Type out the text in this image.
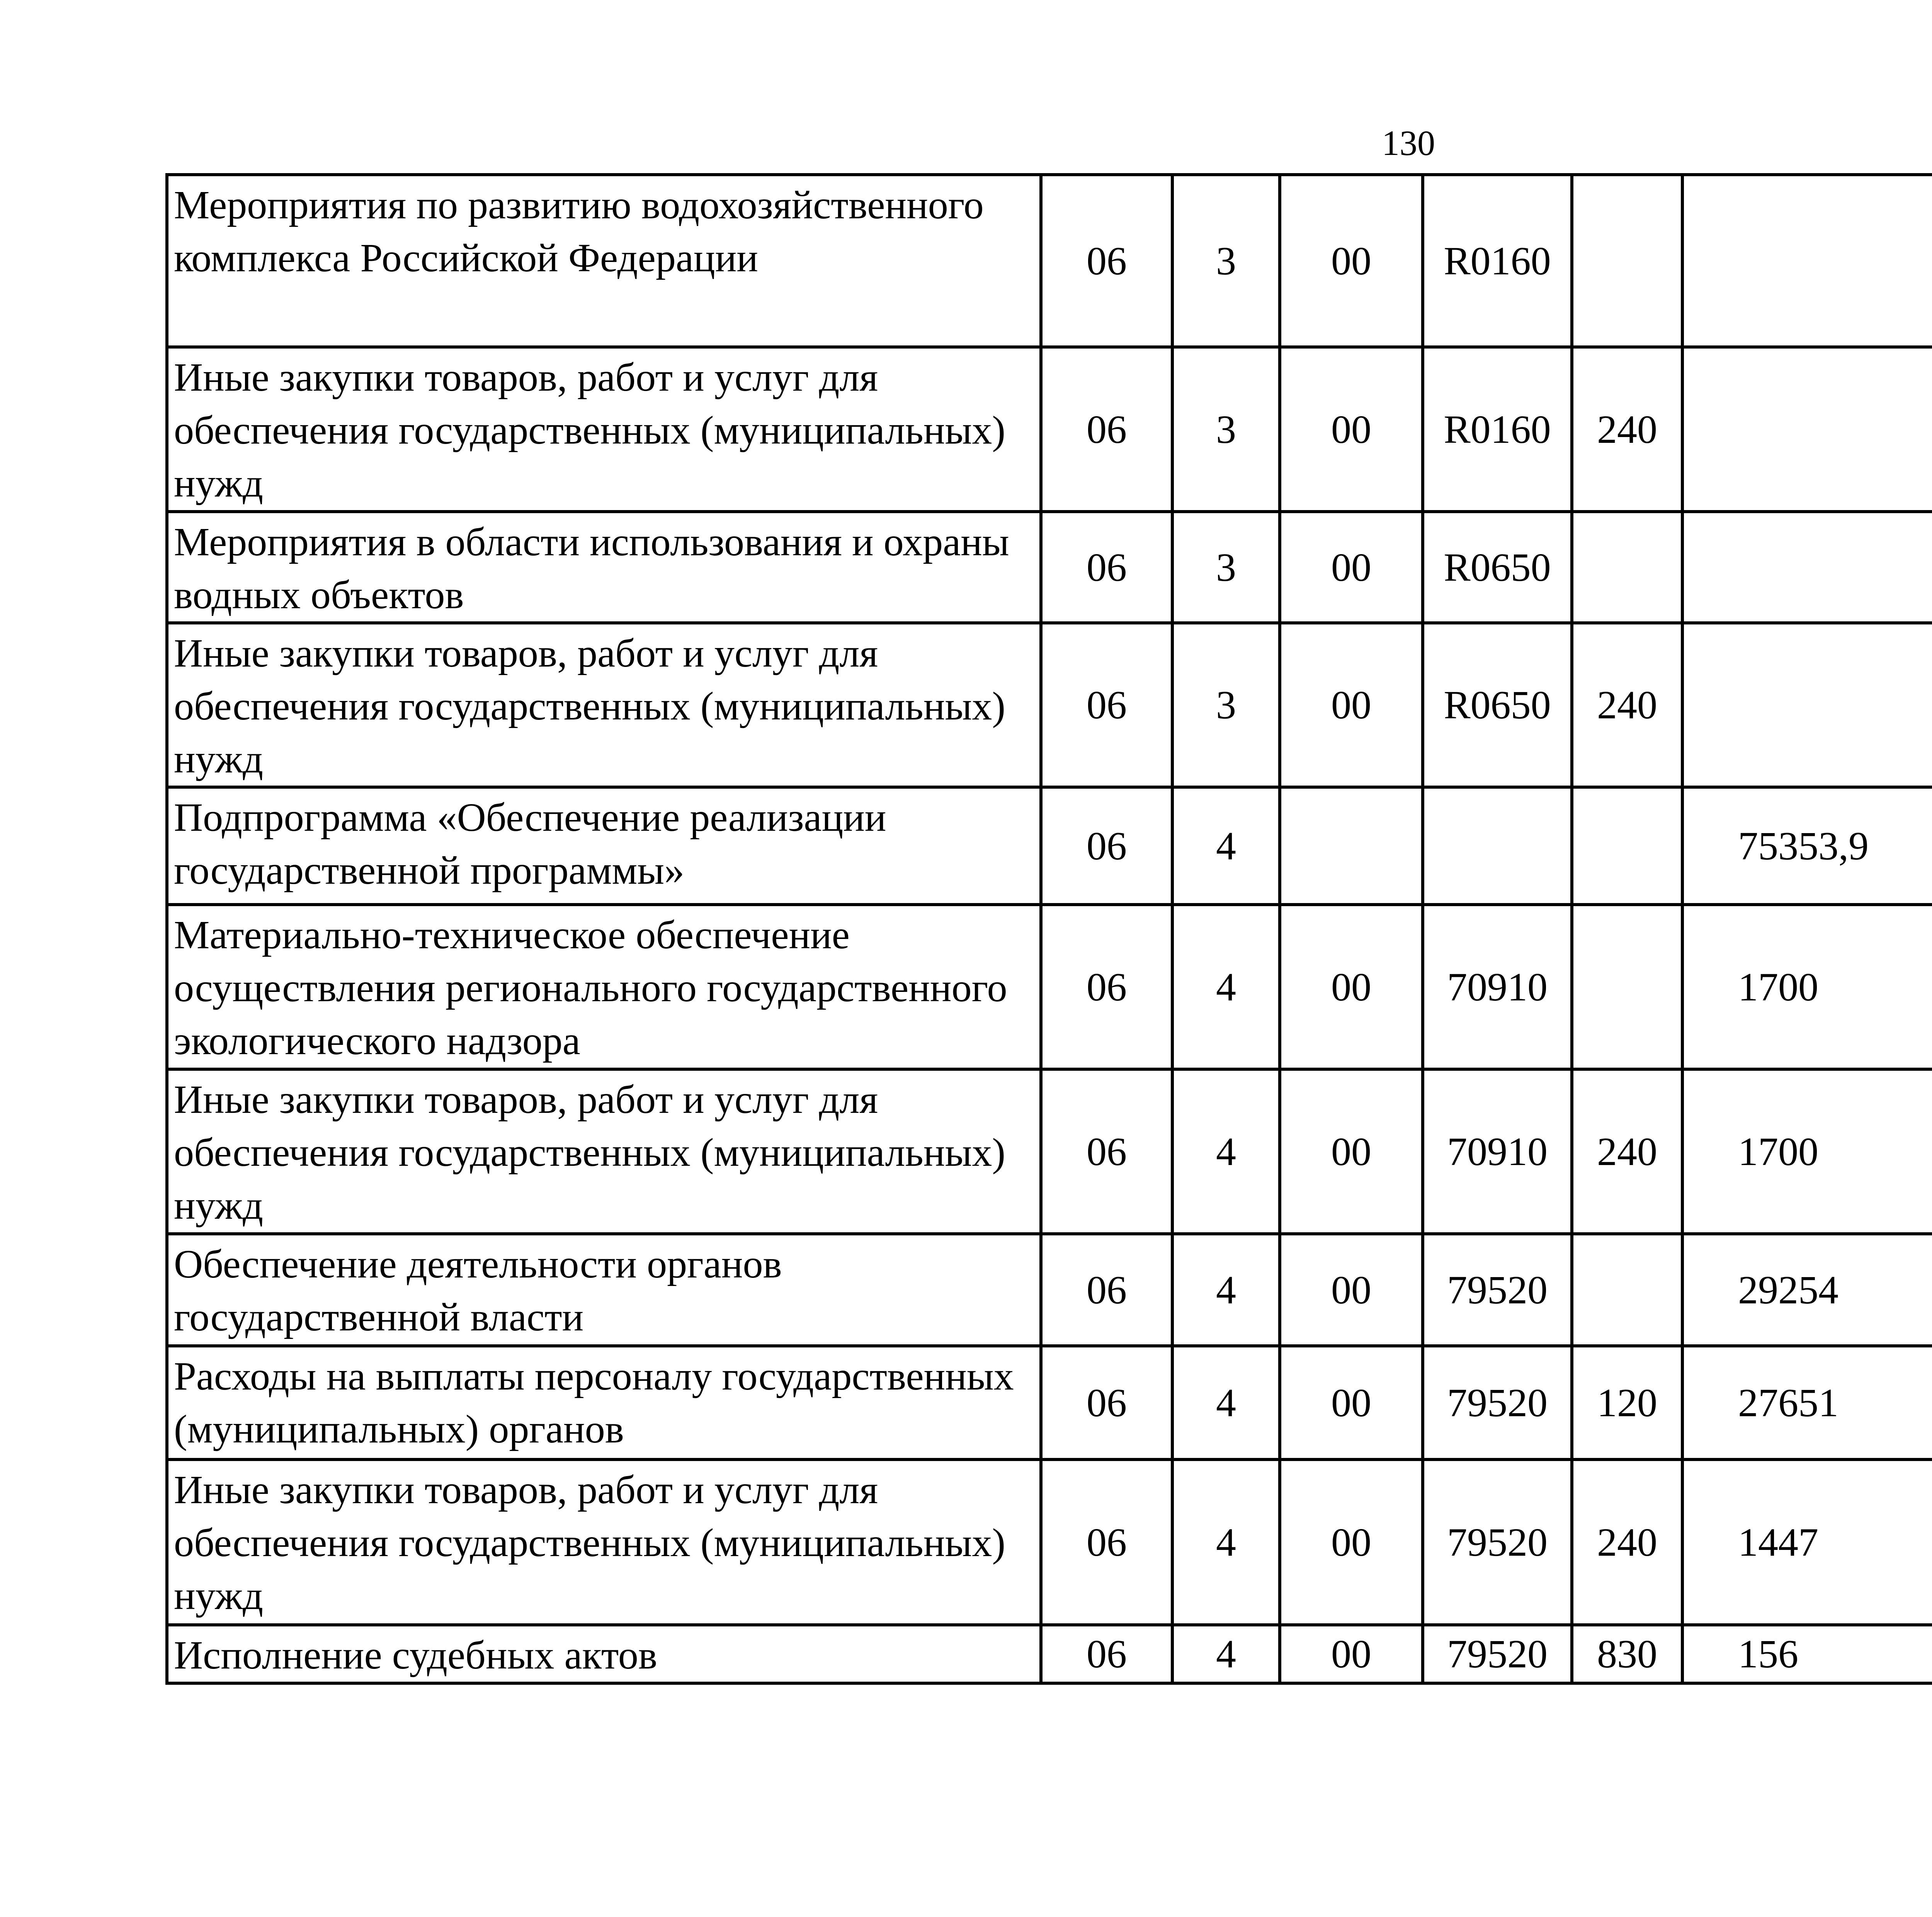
130
Мероприятия по развитию водохозяйственного комплекса Российской Федерации	06	3	00	R0160				
Иные закупки товаров, работ и услуг для обеспечения государственных (муниципальных) нужд	06	3	00	R0160	240			
Мероприятия в области использования и охраны водных объектов	06	3	00	R0650				
Иные закупки товаров, работ и услуг для обеспечения государственных (муниципальных) нужд	06	3	00	R0650	240			
Подпрограмма «Обеспечение реализации государственной программы»	06	4				75353,9		
Материально-техническое обеспечение осуществления регионального государственного экологического надзора	06	4	00	70910		1700		
Иные закупки товаров, работ и услуг для обеспечения государственных (муниципальных) нужд	06	4	00	70910	240	1700		
Обеспечение деятельности органов государственной власти	06	4	00	79520		29254		
Расходы на выплаты персоналу государственных (муниципальных) органов	06	4	00	79520	120	27651		
Иные закупки товаров, работ и услуг для обеспечения государственных (муниципальных) нужд	06	4	00	79520	240	1447		
Исполнение судебных актов	06	4	00	79520	830	156		
